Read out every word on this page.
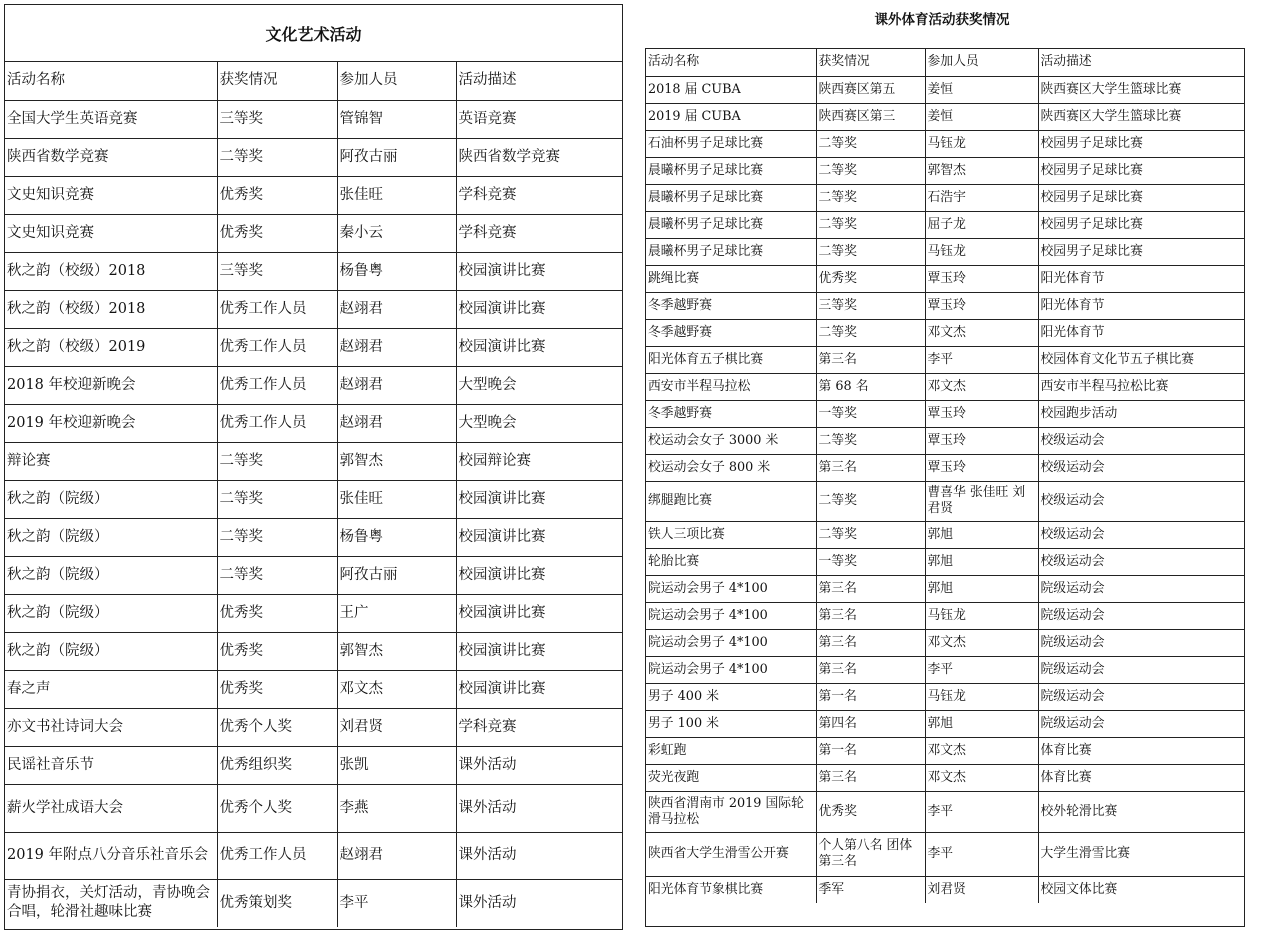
文化艺术活动
活动名称	获奖情况	参加人员	活动描述
全国大学生英语竞赛	三等奖	管锦智	英语竞赛
陕西省数学竞赛	二等奖	阿孜古丽	陕西省数学竞赛
文史知识竞赛	优秀奖	张佳旺	学科竞赛
文史知识竞赛	优秀奖	秦小云	学科竞赛
秋之韵（校级）2018	三等奖	杨鲁粤	校园演讲比赛
秋之韵（校级）2018	优秀工作人员	赵翊君	校园演讲比赛
秋之韵（校级）2019	优秀工作人员	赵翊君	校园演讲比赛
2018 年校迎新晚会	优秀工作人员	赵翊君	大型晚会
2019 年校迎新晚会	优秀工作人员	赵翊君	大型晚会
辩论赛	二等奖	郭智杰	校园辩论赛
秋之韵（院级）	二等奖	张佳旺	校园演讲比赛
秋之韵（院级）	二等奖	杨鲁粤	校园演讲比赛
秋之韵（院级）	二等奖	阿孜古丽	校园演讲比赛
秋之韵（院级）	优秀奖	王广	校园演讲比赛
秋之韵（院级）	优秀奖	郭智杰	校园演讲比赛
春之声	优秀奖	邓文杰	校园演讲比赛
亦文书社诗词大会	优秀个人奖	刘君贤	学科竞赛
民谣社音乐节	优秀组织奖	张凯	课外活动
薪火学社成语大会	优秀个人奖	李燕	课外活动
2019 年附点八分音乐社音乐会	优秀工作人员	赵翊君	课外活动
青协捐衣，关灯活动，青协晚会合唱，轮滑社趣味比赛	优秀策划奖	李平	课外活动
课外体育活动获奖情况
活动名称	获奖情况	参加人员	活动描述
2018 届 CUBA	陕西赛区第五	姜恒	陕西赛区大学生篮球比赛
2019 届 CUBA	陕西赛区第三	姜恒	陕西赛区大学生篮球比赛
石油杯男子足球比赛	二等奖	马钰龙	校园男子足球比赛
晨曦杯男子足球比赛	二等奖	郭智杰	校园男子足球比赛
晨曦杯男子足球比赛	二等奖	石浩宇	校园男子足球比赛
晨曦杯男子足球比赛	二等奖	屈子龙	校园男子足球比赛
晨曦杯男子足球比赛	二等奖	马钰龙	校园男子足球比赛
跳绳比赛	优秀奖	覃玉玲	阳光体育节
冬季越野赛	三等奖	覃玉玲	阳光体育节
冬季越野赛	二等奖	邓文杰	阳光体育节
阳光体育五子棋比赛	第三名	李平	校园体育文化节五子棋比赛
西安市半程马拉松	第 68 名	邓文杰	西安市半程马拉松比赛
冬季越野赛	一等奖	覃玉玲	校园跑步活动
校运动会女子 3000 米	二等奖	覃玉玲	校级运动会
校运动会女子 800 米	第三名	覃玉玲	校级运动会
绑腿跑比赛	二等奖	曹喜华 张佳旺 刘君贤	校级运动会
铁人三项比赛	二等奖	郭旭	校级运动会
轮胎比赛	一等奖	郭旭	校级运动会
院运动会男子 4*100	第三名	郭旭	院级运动会
院运动会男子 4*100	第三名	马钰龙	院级运动会
院运动会男子 4*100	第三名	邓文杰	院级运动会
院运动会男子 4*100	第三名	李平	院级运动会
男子 400 米	第一名	马钰龙	院级运动会
男子 100 米	第四名	郭旭	院级运动会
彩虹跑	第一名	邓文杰	体育比赛
荧光夜跑	第三名	邓文杰	体育比赛
陕西省渭南市 2019 国际轮滑马拉松	优秀奖	李平	校外轮滑比赛
陕西省大学生滑雪公开赛	个人第八名 团体第三名	李平	大学生滑雪比赛
阳光体育节象棋比赛	季军	刘君贤	校园文体比赛
